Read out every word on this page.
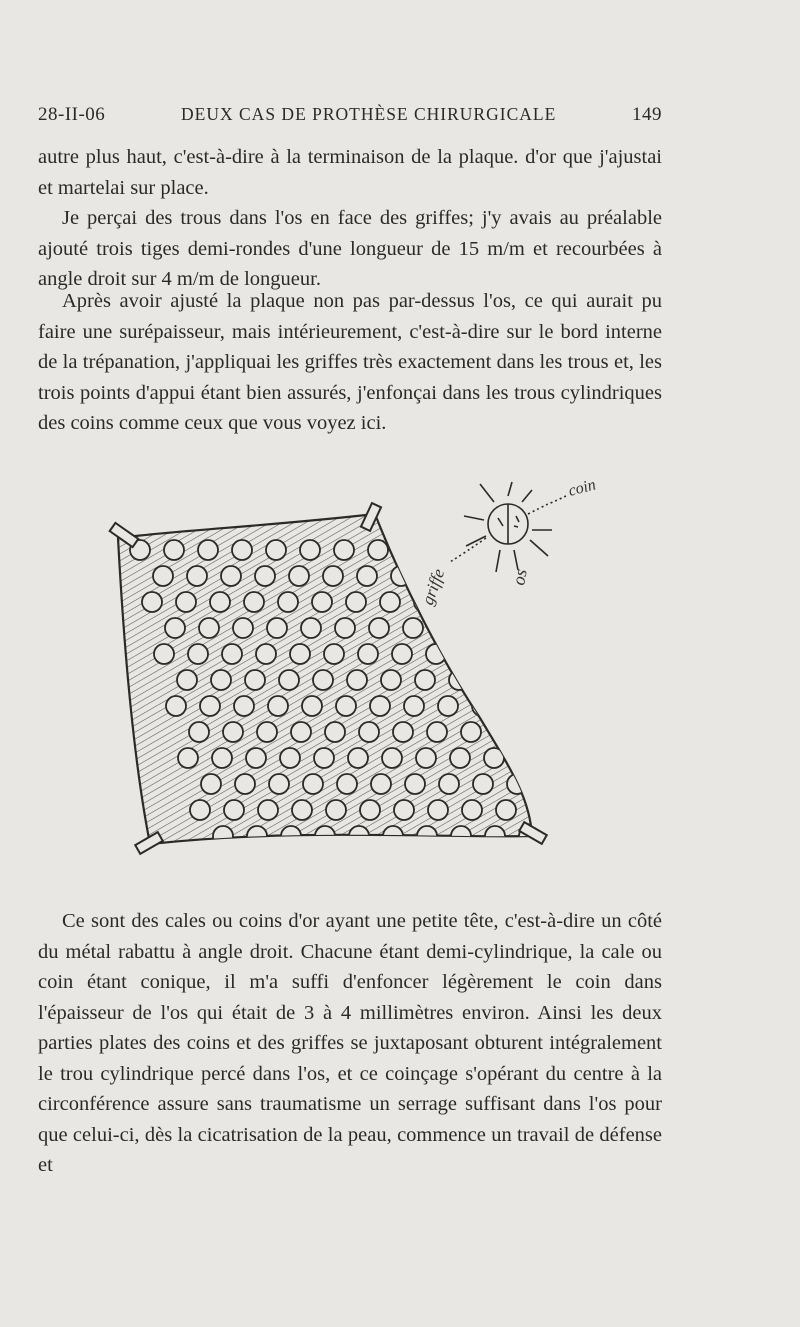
28-II-06	DEUX CAS DE PROTHÈSE CHIRURGICALE	149

autre plus haut, c'est-à-dire à la terminaison de la plaque. d'or que j'ajustai et martelai sur place.

Je perçai des trous dans l'os en face des griffes; j'y avais au préalable ajouté trois tiges demi-rondes d'une longueur de 15 m/m et recourbées à angle droit sur 4 m/m de longueur.

Après avoir ajusté la plaque non pas par-dessus l'os, ce qui aurait pu faire une surépaisseur, mais intérieurement, c'est-à-dire sur le bord interne de la trépanation, j'appliquai les griffes très exactement dans les trous et, les trois points d'appui étant bien assurés, j'enfonçai dans les trous cylindriques des coins comme ceux que vous voyez ici.

coin
griffe	os

Ce sont des cales ou coins d'or ayant une petite tête, c'est-à-dire un côté du métal rabattu à angle droit. Chacune étant demi-cylindrique, la cale ou coin étant conique, il m'a suffi d'enfoncer légèrement le coin dans l'épaisseur de l'os qui était de 3 à 4 millimètres environ. Ainsi les deux parties plates des coins et des griffes se juxtaposant obturent intégralement le trou cylindrique percé dans l'os, et ce coinçage s'opérant du centre à la circonférence assure sans traumatisme un serrage suffisant dans l'os pour que celui-ci, dès la cicatrisation de la peau, commence un travail de défense et
